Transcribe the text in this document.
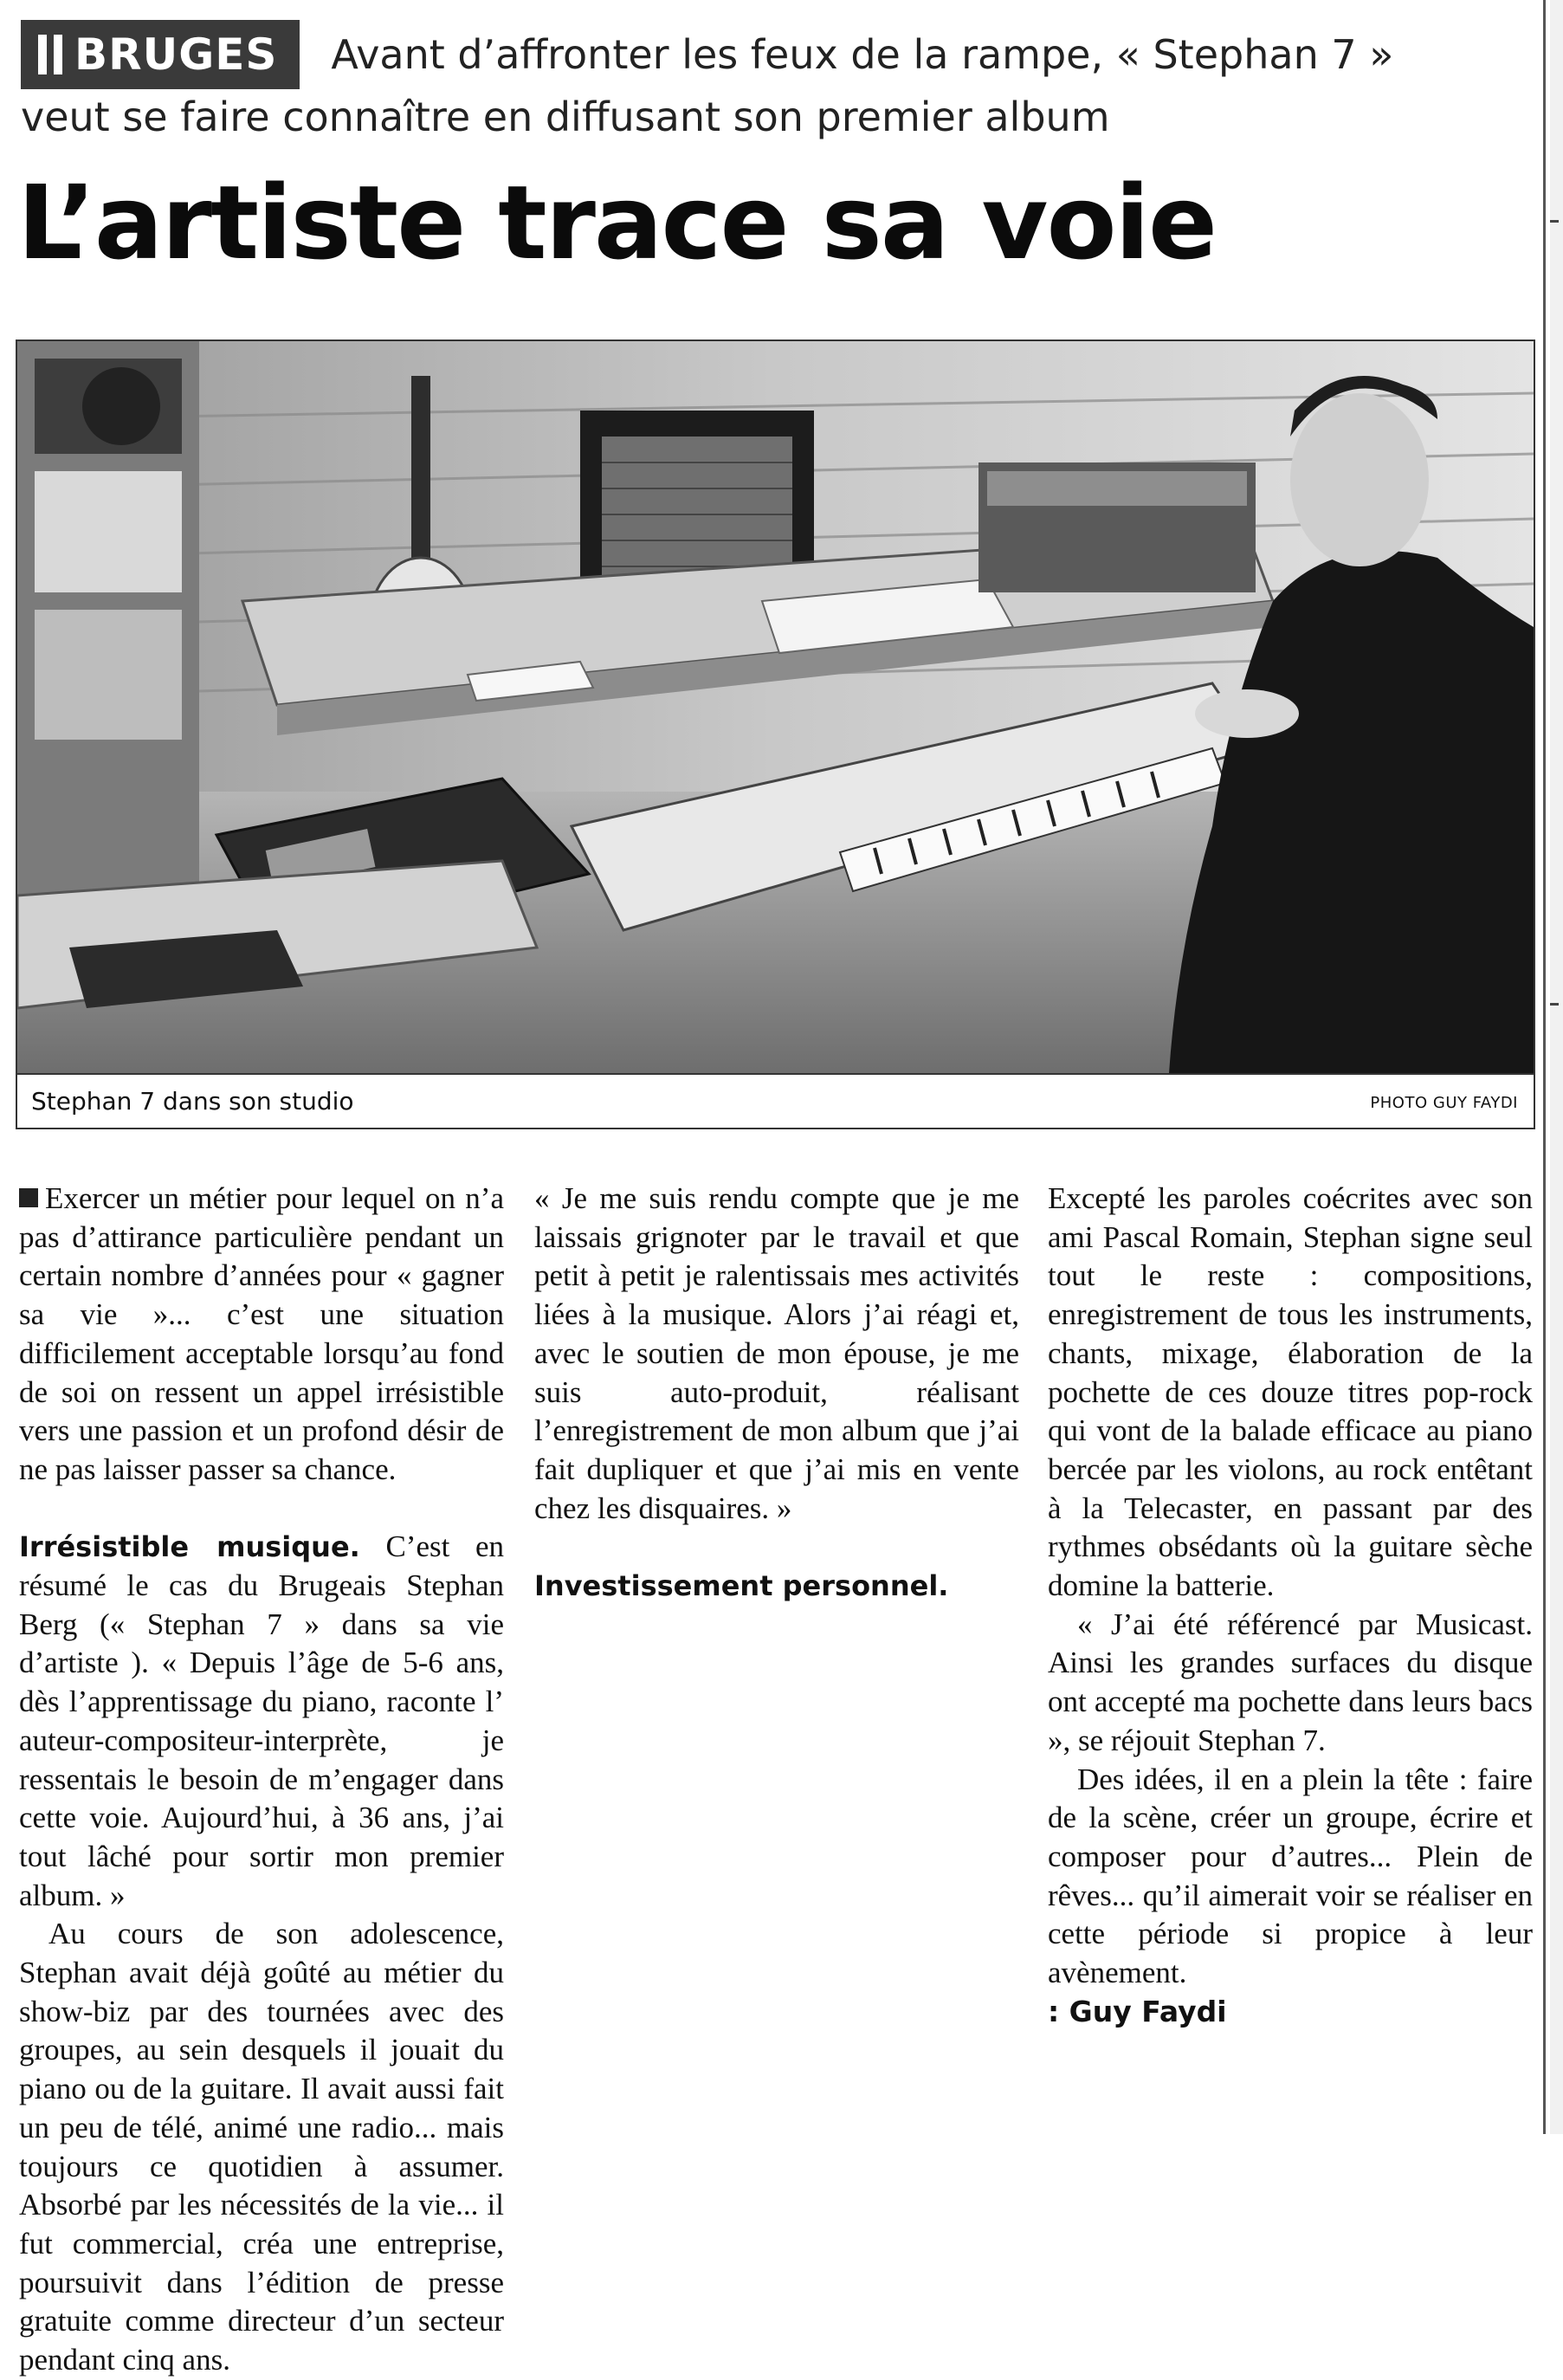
BRUGES Avant d’affronter les feux de la rampe, « Stephan 7 »
veut se faire connaître en diffusant son premier album
L’artiste trace sa voie
Stephan 7 dans son studio	PHOTO GUY FAYDI

Exercer un métier pour lequel on n’a pas d’attirance particulière pendant un certain nombre d’années pour « gagner sa vie »... c’est une situation difficilement acceptable lorsqu’au fond de soi on ressent un appel irrésistible vers une passion et un profond désir de ne pas laisser passer sa chance.

Irrésistible musique. C’est en résumé le cas du Brugeais Stephan Berg (« Stephan 7 » dans sa vie d’artiste ). « Depuis l’âge de 5-6 ans, dès l’apprentissage du piano, raconte l’ auteur-compositeur-interprète, je ressentais le besoin de m’engager dans cette voie. Aujourd’hui, à 36 ans, j’ai tout lâché pour sortir mon premier album. »

Au cours de son adolescence, Stephan avait déjà goûté au métier du show-biz par des tournées avec des groupes, au sein desquels il jouait du piano ou de la guitare. Il avait aussi fait un peu de télé, animé une radio... mais toujours ce quotidien à assumer. Absorbé par les nécessités de la vie... il fut commercial, créa une entreprise, poursuivit dans l’édition de presse gratuite comme directeur d’un secteur pendant cinq ans.

« Je me suis rendu compte que je me laissais grignoter par le travail et que petit à petit je ralentissais mes activités liées à la musique. Alors j’ai réagi et, avec le soutien de mon épouse, je me suis auto-produit, réalisant l’enregistrement de mon album que j’ai fait dupliquer et que j’ai mis en vente chez les disquaires. »

Investissement personnel.

Excepté les paroles coécrites avec son ami Pascal Romain, Stephan signe seul tout le reste : compositions, enregistrement de tous les instruments, chants, mixage, élaboration de la pochette de ces douze titres pop-rock qui vont de la balade efficace au piano bercée par les violons, au rock entêtant à la Telecaster, en passant par des rythmes obsédants où la guitare sèche domine la batterie.

« J’ai été référencé par Musicast. Ainsi les grandes surfaces du disque ont accepté ma pochette dans leurs bacs », se réjouit Stephan 7.

Des idées, il en a plein la tête : faire de la scène, créer un groupe, écrire et composer pour d’autres... Plein de rêves... qu’il aimerait voir se réaliser en cette période si propice à leur avènement.

: Guy Faydi
